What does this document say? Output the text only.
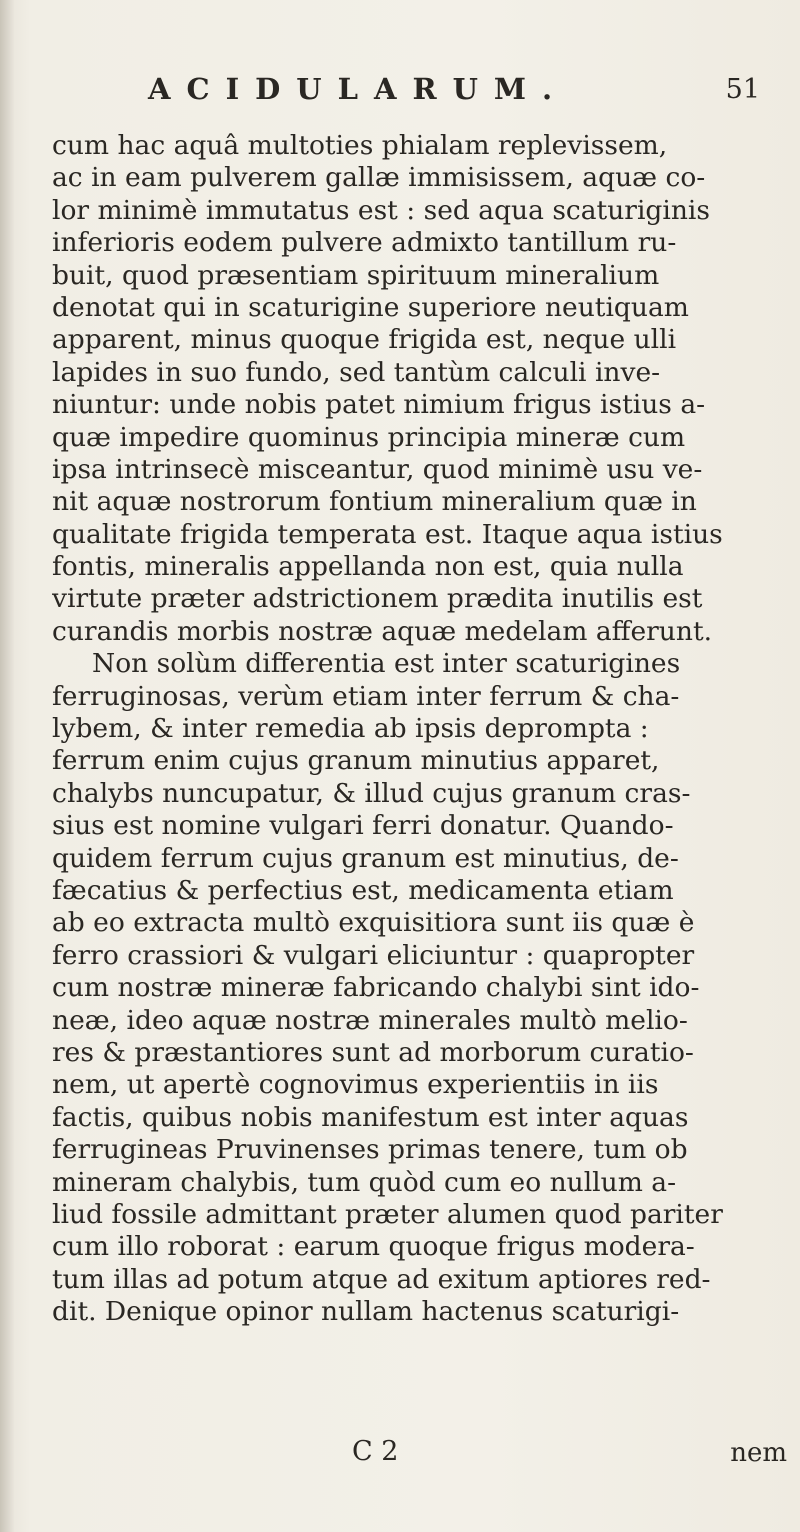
ACIDULARUM.	51
cum hac aquâ multoties phialam replevissem,
ac in eam pulverem gallæ immisissem, aquæ co-
lor minimè immutatus est : sed aqua scaturiginis
inferioris eodem pulvere admixto tantillum ru-
buit, quod præsentiam spirituum mineralium
denotat qui in scaturigine superiore neutiquam
apparent, minus quoque frigida est, neque ulli
lapides in suo fundo, sed tantùm calculi inve-
niuntur: unde nobis patet nimium frigus istius a-
quæ impedire quominus principia mineræ cum
ipsa intrinsecè misceantur, quod minimè usu ve-
nit aquæ nostrorum fontium mineralium quæ in
qualitate frigida temperata est. Itaque aqua istius
fontis, mineralis appellanda non est, quia nulla
virtute præter adstrictionem prædita inutilis est
curandis morbis nostræ aquæ medelam afferunt.
Non solùm differentia est inter scaturigines
ferruginosas, verùm etiam inter ferrum & cha-
lybem, & inter remedia ab ipsis deprompta :
ferrum enim cujus granum minutius apparet,
chalybs nuncupatur, & illud cujus granum cras-
sius est nomine vulgari ferri donatur. Quando-
quidem ferrum cujus granum est minutius, de-
fæcatius & perfectius est, medicamenta etiam
ab eo extracta multò exquisitiora sunt iis quæ è
ferro crassiori & vulgari eliciuntur : quapropter
cum nostræ mineræ fabricando chalybi sint ido-
neæ, ideo aquæ nostræ minerales multò melio-
res & præstantiores sunt ad morborum curatio-
nem, ut apertè cognovimus experientiis in iis
factis, quibus nobis manifestum est inter aquas
ferrugineas Pruvinenses primas tenere, tum ob
mineram chalybis, tum quòd cum eo nullum a-
liud fossile admittant præter alumen quod pariter
cum illo roborat : earum quoque frigus modera-
tum illas ad potum atque ad exitum aptiores red-
dit. Denique opinor nullam hactenus scaturigi-
C 2	nem
